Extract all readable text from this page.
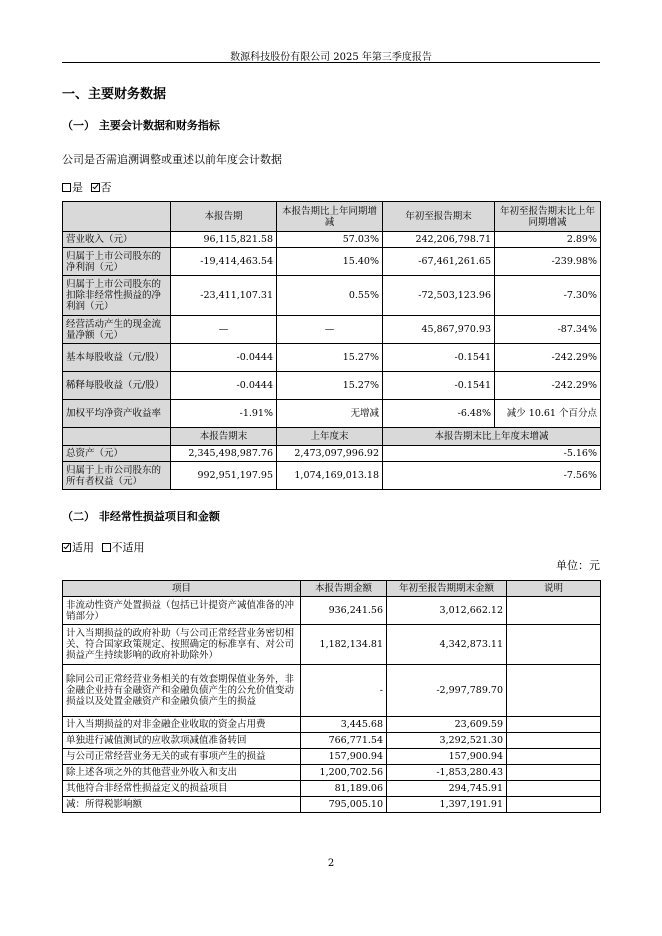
数源科技股份有限公司 2025 年第三季度报告
一、主要财务数据
（一） 主要会计数据和财务指标
公司是否需追溯调整或重述以前年度会计数据
是 否
	本报告期	本报告期比上年同期增减	年初至报告期末	年初至报告期末比上年同期增减
营业收入（元）	96,115,821.58	57.03%	242,206,798.71	2.89%
归属于上市公司股东的净利润（元）	-19,414,463.54	15.40%	-67,461,261.65	-239.98%
归属于上市公司股东的扣除非经常性损益的净利润（元）	-23,411,107.31	0.55%	-72,503,123.96	-7.30%
经营活动产生的现金流量净额（元）	—	—	45,867,970.93	-87.34%
基本每股收益（元/股）	-0.0444	15.27%	-0.1541	-242.29%
稀释每股收益（元/股）	-0.0444	15.27%	-0.1541	-242.29%
加权平均净资产收益率	-1.91%	无增减	-6.48%	减少 10.61 个百分点
	本报告期末	上年度末	本报告期末比上年度末增减	
总资产（元）	2,345,498,987.76	2,473,097,996.92	-5.16%	
归属于上市公司股东的所有者权益（元）	992,951,197.95	1,074,169,013.18	-7.56%	
（二） 非经常性损益项目和金额
适用 不适用
单位：元
项目	本报告期金额	年初至报告期期末金额	说明
非流动性资产处置损益（包括已计提资产减值准备的冲销部分）	936,241.56	3,012,662.12	
计入当期损益的政府补助（与公司正常经营业务密切相关、符合国家政策规定、按照确定的标准享有、对公司损益产生持续影响的政府补助除外）	1,182,134.81	4,342,873.11	
除同公司正常经营业务相关的有效套期保值业务外，非金融企业持有金融资产和金融负债产生的公允价值变动损益以及处置金融资产和金融负债产生的损益	-	-2,997,789.70	
计入当期损益的对非金融企业收取的资金占用费	3,445.68	23,609.59	
单独进行减值测试的应收款项减值准备转回	766,771.54	3,292,521.30	
与公司正常经营业务无关的或有事项产生的损益	157,900.94	157,900.94	
除上述各项之外的其他营业外收入和支出	1,200,702.56	-1,853,280.43	
其他符合非经常性损益定义的损益项目	81,189.06	294,745.91	
减：所得税影响额	795,005.10	1,397,191.91	
2
